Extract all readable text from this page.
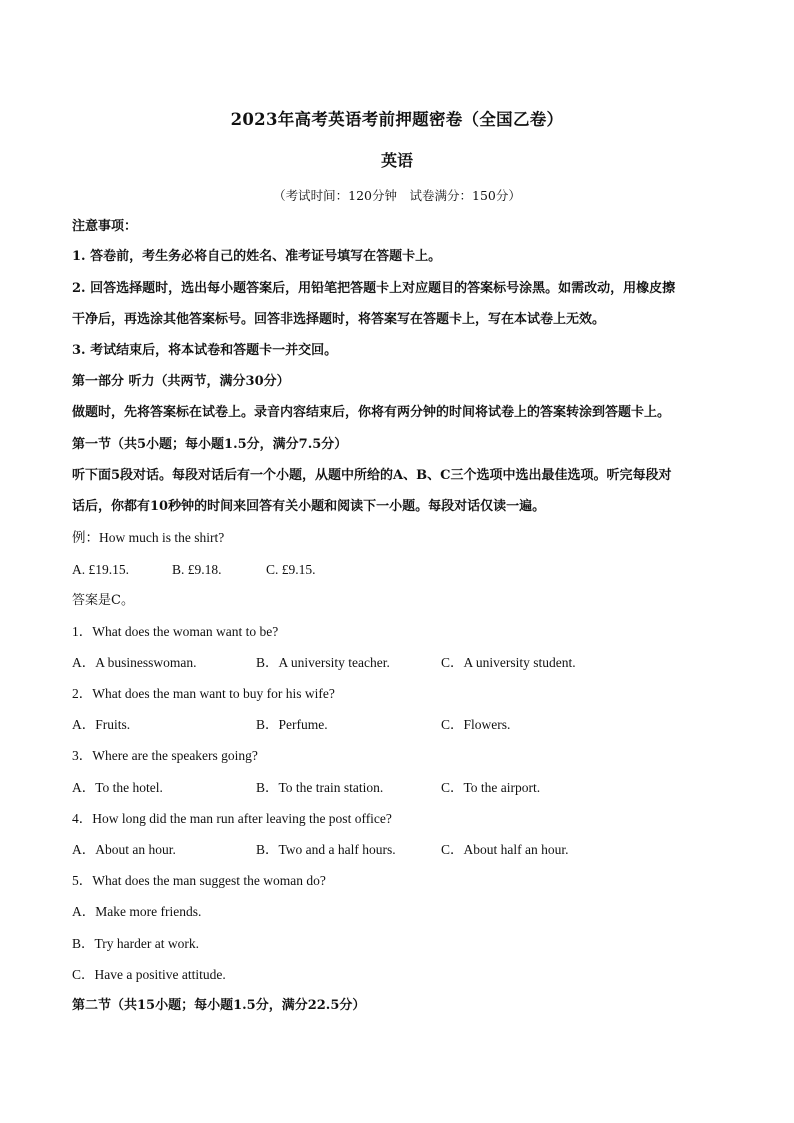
2023年高考英语考前押题密卷（全国乙卷）
英语
（考试时间：120分钟　试卷满分：150分）
注意事项：
1. 答卷前，考生务必将自己的姓名、准考证号填写在答题卡上。
2. 回答选择题时，选出每小题答案后，用铅笔把答题卡上对应题目的答案标号涂黑。如需改动，用橡皮擦
干净后，再选涂其他答案标号。回答非选择题时，将答案写在答题卡上，写在本试卷上无效。
3. 考试结束后，将本试卷和答题卡一并交回。
第一部分 听力（共两节，满分30分）
做题时，先将答案标在试卷上。录音内容结束后，你将有两分钟的时间将试卷上的答案转涂到答题卡上。
第一节（共5小题；每小题1.5分，满分7.5分）
听下面5段对话。每段对话后有一个小题，从题中所给的A、B、C三个选项中选出最佳选项。听完每段对
话后，你都有10秒钟的时间来回答有关小题和阅读下一小题。每段对话仅读一遍。
例：How much is the shirt?
A. £19.15.	B. £9.18.	C. £9.15.
答案是C。
1．What does the woman want to be?
A．A businesswoman.	B．A university teacher.	C．A university student.
2．What does the man want to buy for his wife?
A．Fruits.	B．Perfume.	C．Flowers.
3．Where are the speakers going?
A．To the hotel.	B．To the train station.	C．To the airport.
4．How long did the man run after leaving the post office?
A．About an hour.	B．Two and a half hours.	C．About half an hour.
5．What does the man suggest the woman do?
A．Make more friends.
B．Try harder at work.
C．Have a positive attitude.
第二节（共15小题；每小题1.5分，满分22.5分）
